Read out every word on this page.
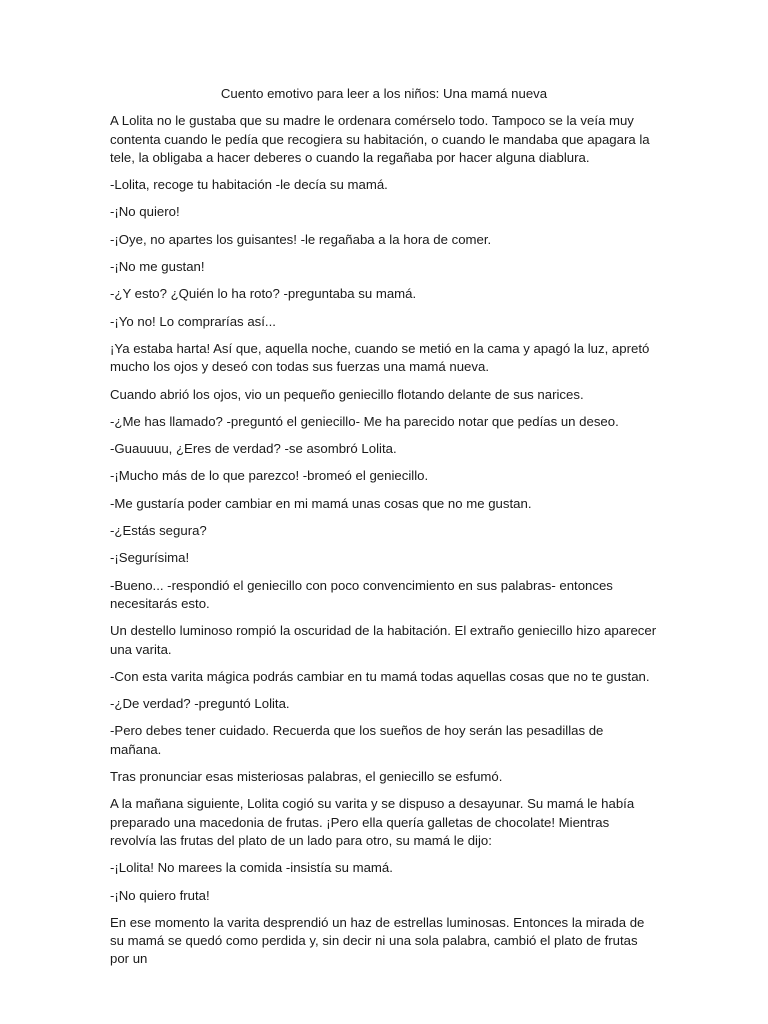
Cuento emotivo para leer a los niños: Una mamá nueva
A Lolita no le gustaba que su madre le ordenara comérselo todo. Tampoco se la veía muy contenta cuando le pedía que recogiera su habitación, o cuando le mandaba que apagara la tele, la obligaba a hacer deberes o cuando la regañaba por hacer alguna diablura.
-Lolita, recoge tu habitación -le decía su mamá.
-¡No quiero!
-¡Oye, no apartes los guisantes! -le regañaba a la hora de comer.
-¡No me gustan!
-¿Y esto? ¿Quién lo ha roto? -preguntaba su mamá.
-¡Yo no! Lo comprarías así...
¡Ya estaba harta! Así que, aquella noche, cuando se metió en la cama y apagó la luz, apretó mucho los ojos y deseó con todas sus fuerzas una mamá nueva.
Cuando abrió los ojos, vio un pequeño geniecillo flotando delante de sus narices.
-¿Me has llamado? -preguntó el geniecillo- Me ha parecido notar que pedías un deseo.
-Guauuuu, ¿Eres de verdad? -se asombró Lolita.
-¡Mucho más de lo que parezco! -bromeó el geniecillo.
-Me gustaría poder cambiar en mi mamá unas cosas que no me gustan.
-¿Estás segura?
-¡Segurísima!
-Bueno... -respondió el geniecillo con poco convencimiento en sus palabras- entonces necesitarás esto.
Un destello luminoso rompió la oscuridad de la habitación. El extraño geniecillo hizo aparecer una varita.
-Con esta varita mágica podrás cambiar en tu mamá todas aquellas cosas que no te gustan.
-¿De verdad? -preguntó Lolita.
-Pero debes tener cuidado. Recuerda que los sueños de hoy serán las pesadillas de mañana.
Tras pronunciar esas misteriosas palabras, el geniecillo se esfumó.
A la mañana siguiente, Lolita cogió su varita y se dispuso a desayunar. Su mamá le había preparado una macedonia de frutas. ¡Pero ella quería galletas de chocolate! Mientras revolvía las frutas del plato de un lado para otro, su mamá le dijo:
-¡Lolita! No marees la comida -insistía su mamá.
-¡No quiero fruta!
En ese momento la varita desprendió un haz de estrellas luminosas. Entonces la mirada de su mamá se quedó como perdida y, sin decir ni una sola palabra, cambió el plato de frutas por un
